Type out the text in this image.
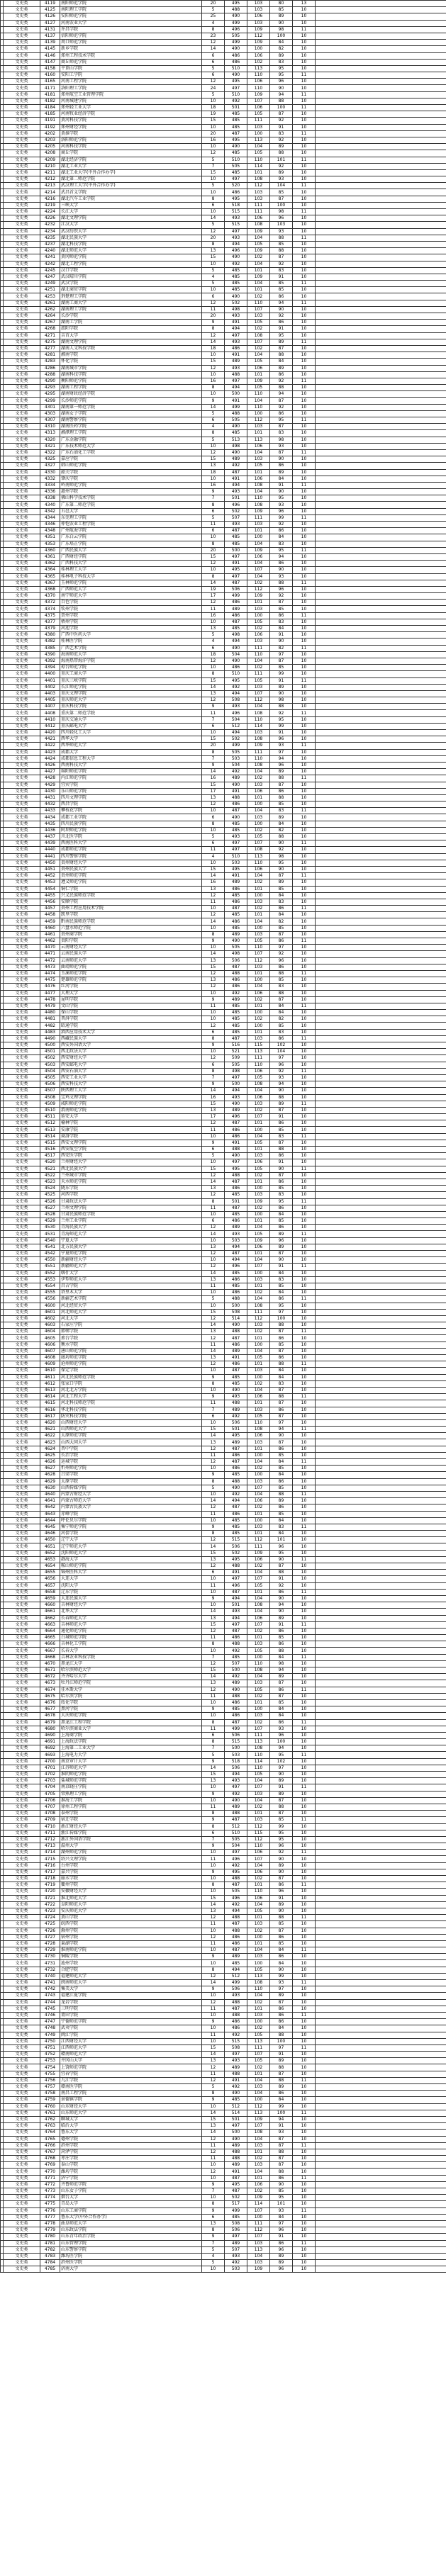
	文史类	4119	南阳师范学院	20	495	103	80	13	
	文史类	4125	南阳理工学院	5	488	103	85	10	
	文史类	4126	安阳师范学院	25	490	106	89	10	
	文史类	4127	河南农业大学	4	499	103	90	10	
	文史类	4131	许昌学院	8	496	109	98	11	
	文史类	4137	信阳师范学院	23	505	112	100	10	
	文史类	4139	周口师范学院	12	499	109	84	10	
	文史类	4145	新乡学院	14	490	100	82	10	
	文史类	4146	郑州工程技术学院	6	486	106	89	10	
	文史类	4147	商丘师范学院	6	486	102	83	10	
	文史类	4158	平顶山学院	5	510	113	95	10	
	文史类	4160	安阳工学院	6	490	110	95	11	
	文史类	4165	河南工程学院	12	495	106	96	10	
	文史类	4171	洛阳理工学院	24	497	110	90	10	
	文史类	4181	郑州航空工业管理学院	5	510	109	94	11	
	文史类	4182	河南城建学院	10	492	107	88	10	
	文史类	4184	郑州轻工业大学	18	501	106	100	11	
	文史类	4185	河南牧业经济学院	19	485	105	87	10	
	文史类	4191	黄河科技学院	15	485	111	92	10	
	文史类	4192	郑州财经学院	10	485	103	91	10	
	文史类	4202	黄淮学院	20	487	100	83	11	
	文史类	4203	洛阳师范学院	16	495	113	92	10	
	文史类	4205	河南科技学院	10	490	104	89	10	
	文史类	4208	商丘学院	12	485	105	88	10	
	文史类	4209	湖北经济学院	5	510	110	101	11	
	文史类	4210	湖北工业大学	7	505	114	92	10	
	文史类	4211	湖北工业大学(中外合作办学)	15	485	101	89	10	
	文史类	4212	湖北第二师范学院	10	497	108	93	10	
	文史类	4213	武汉理工大学(中外合作办学)	5	520	112	104	11	
	文史类	4214	武昌首义学院	10	486	103	85	10	
	文史类	4216	湖北汽车工业学院	8	495	103	87	10	
	文史类	4219	三峡大学	6	518	111	100	10	
	文史类	4224	长江大学	10	515	111	98	11	
	文史类	4226	湖北文理学院	14	493	106	96	10	
	文史类	4232	江汉大学	5	515	108	103	10	
	文史类	4234	武汉纺织大学	12	497	109	93	10	
	文史类	4235	湖北民族大学	20	493	104	88	11	
	文史类	4237	湖北科技学院	8	494	105	85	10	
	文史类	4240	湖北师范大学	13	496	109	88	10	
	文史类	4241	黄冈师范学院	15	490	102	87	10	
	文史类	4242	湖北工程学院	10	492	104	92	10	
	文史类	4245	汉口学院	5	485	101	83	10	
	文史类	4247	武汉晴川学院	4	485	109	91	10	
	文史类	4249	武汉学院	5	485	104	85	11	
	文史类	4251	湖北商贸学院	10	485	101	85	10	
	文史类	4253	荆楚理工学院	6	490	102	86	10	
	文史类	4261	湖南工商大学	12	502	110	94	11	
	文史类	4262	湖南理工学院	11	498	107	90	10	
	文史类	4264	长沙学院	20	493	103	92	10	
	文史类	4267	湖南工学院	9	491	105	86	10	
	文史类	4268	邵阳学院	8	494	102	91	10	
	文史类	4271	吉首大学	12	497	108	95	10	
	文史类	4275	湖南文理学院	14	493	107	89	11	
	文史类	4277	湖南人文科技学院	18	486	102	87	10	
	文史类	4281	湘南学院	10	491	104	88	10	
	文史类	4283	怀化学院	15	489	105	84	10	
	文史类	4286	湖南城市学院	12	493	106	89	10	
	文史类	4288	湖南科技学院	10	488	101	86	10	
	文史类	4290	衡阳师范学院	16	497	109	92	11	
	文史类	4293	湖南工程学院	8	494	105	88	10	
	文史类	4295	湖南财政经济学院	10	500	110	94	10	
	文史类	4299	长沙师范学院	9	491	104	87	10	
	文史类	4301	湖南第一师范学院	14	499	110	92	10	
	文史类	4303	湖南女子学院	5	488	100	86	10	
	文史类	4307	湖南警察学院	6	505	112	95	11	
	文史类	4310	湖南医药学院	4	490	103	87	10	
	文史类	4313	湘潭理工学院	8	485	101	83	10	
	文史类	4320	广东金融学院	5	513	113	98	10	
	文史类	4321	广东技术师范大学	10	498	106	93	10	
	文史类	4322	广东石油化工学院	12	490	104	87	11	
	文史类	4325	嘉应学院	15	489	103	90	10	
	文史类	4327	韩山师范学院	13	492	105	86	10	
	文史类	4330	韶关学院	18	487	101	89	10	
	文史类	4332	肇庆学院	10	491	106	84	10	
	文史类	4334	岭南师范学院	16	494	108	91	11	
	文史类	4336	惠州学院	9	493	104	90	10	
	文史类	4338	佛山科学技术学院	7	501	110	95	10	
	文史类	4340	广东第二师范学院	8	496	108	93	10	
	文史类	4342	五邑大学	6	502	109	96	10	
	文史类	4344	东莞理工学院	5	507	111	99	11	
	文史类	4346	仲恺农业工程学院	11	493	103	92	10	
	文史类	4348	广州航海学院	6	487	101	86	10	
	文史类	4351	广东白云学院	10	485	100	84	10	
	文史类	4353	广东培正学院	8	485	104	83	10	
	文史类	4360	广西民族大学	20	500	109	95	11	
	文史类	4361	广西财经学院	15	497	106	94	10	
	文史类	4362	广西科技大学	12	491	104	86	10	
	文史类	4364	桂林理工大学	10	495	107	90	10	
	文史类	4365	桂林电子科技大学	8	497	104	93	10	
	文史类	4367	玉林师范学院	14	487	102	88	11	
	文史类	4368	广西师范大学	19	506	112	96	10	
	文史类	4370	南宁师范大学	17	499	109	92	10	
	文史类	4372	百色学院	12	486	101	87	10	
	文史类	4374	钦州学院	11	489	103	85	10	
	文史类	4375	贺州学院	16	486	100	86	11	
	文史类	4377	梧州学院	10	487	105	83	10	
	文史类	4379	河池学院	13	485	102	84	10	
	文史类	4380	广西中医药大学	5	498	106	91	10	
	文史类	4382	桂林医学院	4	494	103	90	10	
	文史类	4385	广西艺术学院	6	490	111	82	11	
	文史类	4390	海南师范大学	18	504	110	97	10	
	文史类	4392	海南热带海洋学院	12	490	104	87	10	
	文史类	4394	琼台师范学院	10	486	102	85	10	
	文史类	4400	重庆工商大学	8	510	111	99	10	
	文史类	4401	重庆三峡学院	15	495	105	91	11	
	文史类	4402	长江师范学院	14	492	103	89	10	
	文史类	4403	重庆文理学院	13	494	107	90	10	
	文史类	4405	重庆师范大学	12	508	112	98	10	
	文史类	4407	重庆科技学院	9	493	104	88	10	
	文史类	4408	重庆第二师范学院	11	496	108	92	11	
	文史类	4410	重庆交通大学	7	504	110	95	10	
	文史类	4412	重庆邮电大学	6	512	114	99	10	
	文史类	4420	四川轻化工大学	10	494	103	91	10	
	文史类	4421	西华大学	15	502	108	96	10	
	文史类	4422	西华师范大学	20	499	109	93	11	
	文史类	4423	成都大学	8	505	111	97	10	
	文史类	4424	成都信息工程大学	7	503	110	94	10	
	文史类	4426	西南科技大学	9	504	108	96	10	
	文史类	4427	绵阳师范学院	14	492	104	89	10	
	文史类	4428	内江师范学院	16	489	102	88	11	
	文史类	4429	宜宾学院	15	490	103	87	10	
	文史类	4430	乐山师范学院	17	491	106	86	10	
	文史类	4431	四川文理学院	13	488	101	88	10	
	文史类	4432	西昌学院	12	486	100	85	10	
	文史类	4433	攀枝花学院	10	487	104	83	11	
	文史类	4434	成都工业学院	6	490	103	89	10	
	文史类	4435	四川民族学院	8	485	100	84	10	
	文史类	4436	阿坝师范学院	10	485	102	82	10	
	文史类	4437	川北医学院	5	493	105	88	10	
	文史类	4439	西南医科大学	6	497	107	90	11	
	文史类	4440	成都师范学院	11	497	108	92	10	
	文史类	4441	四川警察学院	4	510	113	98	10	
	文史类	4450	贵州财经大学	10	503	110	95	10	
	文史类	4451	贵州民族大学	15	495	106	90	10	
	文史类	4452	贵州师范学院	14	491	104	87	11	
	文史类	4453	遵义师范学院	16	489	102	89	10	
	文史类	4454	铜仁学院	13	486	101	85	10	
	文史类	4455	兴义民族师范学院	12	485	100	84	10	
	文史类	4456	安顺学院	11	486	103	83	10	
	文史类	4457	贵州工程应用技术学院	10	487	102	86	11	
	文史类	4458	凯里学院	12	485	101	84	10	
	文史类	4459	黔南民族师范学院	14	486	104	82	10	
	文史类	4460	六盘水师范学院	10	485	100	85	10	
	文史类	4461	贵州商学院	8	489	103	87	10	
	文史类	4462	贵阳学院	9	490	105	86	11	
	文史类	4470	云南财经大学	10	505	110	97	10	
	文史类	4471	云南民族大学	14	498	107	92	10	
	文史类	4472	云南师范大学	13	506	112	96	10	
	文史类	4473	曲靖师范学院	15	487	103	86	10	
	文史类	4474	玉溪师范学院	12	488	101	88	11	
	文史类	4475	楚雄师范学院	13	486	100	85	10	
	文史类	4476	红河学院	12	486	104	83	10	
	文史类	4477	大理大学	10	492	106	88	10	
	文史类	4478	昆明学院	9	489	102	87	10	
	文史类	4479	文山学院	11	485	101	84	11	
	文史类	4480	保山学院	10	485	100	84	10	
	文史类	4481	普洱学院	10	485	102	82	10	
	文史类	4482	昭通学院	12	485	100	85	10	
	文史类	4483	滇西应用技术大学	6	485	101	83	10	
	文史类	4490	西藏民族大学	8	487	103	86	11	
	文史类	4500	西安外国语大学	9	516	115	102	10	
	文史类	4501	西北政法大学	10	521	113	104	10	
	文史类	4502	西安财经大学	12	509	111	97	10	
	文史类	4503	西安邮电大学	6	505	110	96	10	
	文史类	4504	西安石油大学	8	498	106	92	11	
	文史类	4505	西安工业大学	7	497	105	93	10	
	文史类	4506	西安科技大学	9	500	108	94	10	
	文史类	4507	陕西理工大学	14	494	104	90	10	
	文史类	4508	宝鸡文理学院	16	493	106	88	10	
	文史类	4509	咸阳师范学院	15	490	103	89	11	
	文史类	4510	渭南师范学院	13	489	102	87	10	
	文史类	4511	延安大学	17	496	107	91	10	
	文史类	4512	榆林学院	12	487	101	86	10	
	文史类	4513	安康学院	11	486	100	85	10	
	文史类	4514	商洛学院	10	486	104	83	11	
	文史类	4515	西安文理学院	9	491	105	87	10	
	文史类	4516	西安航空学院	6	488	101	88	10	
	文史类	4517	西安医学院	5	490	103	86	10	
	文史类	4520	兰州财经大学	10	497	106	91	10	
	文史类	4521	西北民族大学	15	495	105	90	11	
	文史类	4522	兰州城市学院	12	488	102	87	10	
	文史类	4523	天水师范学院	14	487	101	86	10	
	文史类	4524	陇东学院	13	486	100	85	10	
	文史类	4525	河西学院	12	485	103	83	10	
	文史类	4526	甘肃政法大学	8	501	109	95	11	
	文史类	4527	兰州文理学院	11	487	102	86	10	
	文史类	4528	甘肃民族师范学院	10	485	100	84	10	
	文史类	4529	兰州工业学院	6	486	101	85	10	
	文史类	4530	青海民族大学	12	489	104	86	10	
	文史类	4531	青海师范大学	14	493	105	89	11	
	文史类	4540	宁夏大学	10	503	109	96	10	
	文史类	4541	北方民族大学	13	494	106	89	10	
	文史类	4542	宁夏师范学院	12	487	101	87	10	
	文史类	4550	新疆财经大学	10	494	104	90	10	
	文史类	4551	新疆师范大学	12	496	107	91	11	
	文史类	4552	喀什大学	14	485	100	84	10	
	文史类	4553	伊犁师范大学	13	486	103	83	10	
	文史类	4554	昌吉学院	11	485	101	85	10	
	文史类	4555	塔里木大学	10	486	102	84	10	
	文史类	4556	新疆艺术学院	5	488	104	86	11	
	文史类	4600	河北经贸大学	10	500	108	95	10	
	文史类	4601	河北师范大学	15	508	111	97	10	
	文史类	4602	河北大学	12	514	112	100	10	
	文史类	4603	石家庄学院	14	490	103	88	10	
	文史类	4604	邯郸学院	13	488	102	87	11	
	文史类	4605	邢台学院	12	487	101	86	10	
	文史类	4606	衡水学院	11	486	100	85	10	
	文史类	4607	唐山师范学院	14	489	104	87	10	
	文史类	4608	廊坊师范学院	13	491	105	86	10	
	文史类	4609	沧州师范学院	12	486	101	88	11	
	文史类	4610	保定学院	10	487	103	84	10	
	文史类	4611	河北民族师范学院	9	485	100	84	10	
	文史类	4612	张家口学院	8	485	102	83	10	
	文史类	4613	河北北方学院	10	490	104	87	10	
	文史类	4614	河北工程大学	9	493	106	88	11	
	文史类	4615	河北科技师范学院	11	488	101	87	10	
	文史类	4616	华北科技学院	7	489	103	86	10	
	文史类	4617	防灾科技学院	6	492	105	87	10	
	文史类	4620	山西财经大学	10	506	110	97	10	
	文史类	4621	山西师范大学	15	501	108	94	11	
	文史类	4622	太原师范学院	14	495	106	90	10	
	文史类	4623	山西大同大学	13	489	103	87	10	
	文史类	4624	晋中学院	12	487	101	86	10	
	文史类	4625	长治学院	11	486	100	85	10	
	文史类	4626	运城学院	12	487	104	84	11	
	文史类	4627	忻州师范学院	10	486	102	85	10	
	文史类	4628	吕梁学院	9	485	100	84	10	
	文史类	4629	太原学院	8	488	103	86	10	
	文史类	4630	山西传媒学院	5	490	107	85	10	
	文史类	4640	内蒙古财经大学	10	492	104	88	11	
	文史类	4641	内蒙古师范大学	14	494	106	89	10	
	文史类	4642	内蒙古民族大学	12	487	102	86	10	
	文史类	4643	赤峰学院	11	486	101	85	10	
	文史类	4644	呼伦贝尔学院	10	485	100	84	10	
	文史类	4645	集宁师范学院	9	485	103	83	11	
	文史类	4646	河套学院	8	485	101	84	10	
	文史类	4650	辽宁大学	12	515	112	101	10	
	文史类	4651	辽宁师范大学	14	506	111	96	10	
	文史类	4652	沈阳师范大学	15	502	109	95	10	
	文史类	4653	渤海大学	13	495	106	90	11	
	文史类	4654	鞍山师范学院	12	488	102	87	10	
	文史类	4655	锦州医科大学	6	491	104	88	10	
	文史类	4656	大连大学	10	497	107	91	10	
	文史类	4657	沈阳大学	11	496	105	92	10	
	文史类	4658	辽东学院	10	487	101	86	11	
	文史类	4659	大连民族大学	9	494	104	90	10	
	文史类	4660	吉林财经大学	10	501	108	94	10	
	文史类	4661	北华大学	14	493	104	90	10	
	文史类	4662	长春师范大学	13	494	106	89	10	
	文史类	4663	吉林师范大学	15	497	107	91	11	
	文史类	4664	通化师范学院	12	487	102	86	10	
	文史类	4665	白城师范学院	11	486	101	85	10	
	文史类	4666	吉林化工学院	8	488	103	86	10	
	文史类	4667	长春大学	10	492	105	88	10	
	文史类	4668	吉林农业科技学院	7	485	100	84	11	
	文史类	4670	黑龙江大学	12	507	110	98	10	
	文史类	4671	哈尔滨师范大学	15	500	108	94	10	
	文史类	4672	齐齐哈尔大学	14	492	104	89	10	
	文史类	4673	牡丹江师范学院	13	489	103	87	10	
	文史类	4674	佳木斯大学	12	490	105	86	11	
	文史类	4675	哈尔滨学院	11	488	102	87	10	
	文史类	4676	绥化学院	10	486	101	85	10	
	文史类	4677	黑河学院	9	485	100	84	10	
	文史类	4678	大庆师范学院	10	486	103	84	10	
	文史类	4679	黑龙江工程学院	8	487	102	86	11	
	文史类	4680	哈尔滨商业大学	11	499	107	93	10	
	文史类	4690	上海商学院	6	506	111	96	10	
	文史类	4691	上海政法学院	8	515	113	100	10	
	文史类	4692	上海第二工业大学	7	500	108	94	10	
	文史类	4693	上海电力大学	5	503	110	95	11	
	文史类	4700	南京审计大学	9	518	114	102	10	
	文史类	4701	江苏师范大学	14	506	110	97	10	
	文史类	4702	淮阴师范学院	15	494	105	90	10	
	文史类	4703	盐城师范学院	13	493	104	89	10	
	文史类	4704	南京晓庄学院	10	497	107	91	11	
	文史类	4705	常熟理工学院	9	492	103	89	10	
	文史类	4706	淮海工学院	10	490	104	87	10	
	文史类	4707	徐州工程学院	11	489	102	88	10	
	文史类	4708	泰州学院	8	488	101	87	10	
	文史类	4709	宿迁学院	9	487	103	85	11	
	文史类	4710	浙江财经大学	8	512	112	99	10	
	文史类	4711	浙江传媒学院	6	510	115	95	10	
	文史类	4712	浙江外国语学院	7	505	112	95	10	
	文史类	4713	温州大学	9	504	110	96	10	
	文史类	4714	湖州师范学院	10	497	106	92	11	
	文史类	4715	绍兴文理学院	11	496	107	90	10	
	文史类	4716	台州学院	10	492	104	89	10	
	文史类	4717	嘉兴学院	9	495	106	90	10	
	文史类	4718	丽水学院	10	488	102	87	10	
	文史类	4719	衢州学院	8	487	101	86	11	
	文史类	4720	安徽财经大学	10	505	110	96	10	
	文史类	4721	淮北师范大学	15	496	106	91	10	
	文史类	4722	阜阳师范大学	14	492	104	89	10	
	文史类	4723	安庆师范大学	13	494	105	90	10	
	文史类	4724	黄山学院	12	488	101	88	11	
	文史类	4725	皖西学院	11	487	103	85	10	
	文史类	4726	滁州学院	10	488	102	87	10	
	文史类	4727	宿州学院	12	486	100	86	10	
	文史类	4728	巢湖学院	11	486	101	85	10	
	文史类	4729	淮南师范学院	10	487	104	84	11	
	文史类	4730	铜陵学院	9	489	103	86	10	
	文史类	4731	池州学院	10	485	100	84	10	
	文史类	4732	合肥学院	8	494	105	90	10	
	文史类	4740	福建师范大学	12	512	113	99	10	
	文史类	4741	闽南师范大学	14	499	108	93	11	
	文史类	4742	集美大学	9	506	110	97	10	
	文史类	4743	福建江夏学院	10	493	104	89	10	
	文史类	4744	龙岩学院	12	488	102	87	10	
	文史类	4745	三明学院	11	487	101	86	10	
	文史类	4746	莆田学院	10	488	103	86	11	
	文史类	4747	宁德师范学院	9	486	100	86	10	
	文史类	4748	武夷学院	10	486	102	84	10	
	文史类	4749	闽江学院	11	492	105	88	10	
	文史类	4750	江西财经大学	10	515	113	100	10	
	文史类	4751	江西师范大学	15	508	111	97	11	
	文史类	4752	赣南师范大学	14	497	107	91	10	
	文史类	4753	井冈山大学	13	493	105	89	10	
	文史类	4754	上饶师范学院	12	489	102	88	10	
	文史类	4755	宜春学院	11	488	101	87	10	
	文史类	4756	九江学院	12	491	104	88	11	
	文史类	4757	赣南医学院	5	492	103	89	10	
	文史类	4758	南昌工程学院	8	490	104	86	10	
	文史类	4759	景德镇学院	9	485	100	84	10	
	文史类	4760	山东财经大学	10	512	112	99	10	
	文史类	4761	山东师范大学	14	514	113	100	11	
	文史类	4762	聊城大学	15	501	109	94	10	
	文史类	4763	临沂大学	13	497	107	91	10	
	文史类	4764	鲁东大学	14	500	108	93	10	
	文史类	4765	德州学院	12	490	104	87	10	
	文史类	4766	滨州学院	11	489	103	87	11	
	文史类	4767	菏泽学院	12	488	101	88	10	
	文史类	4768	枣庄学院	11	488	102	87	10	
	文史类	4769	泰山学院	10	489	103	87	10	
	文史类	4770	潍坊学院	12	491	104	88	10	
	文史类	4771	济宁学院	10	487	101	86	11	
	文史类	4772	齐鲁师范学院	9	495	106	90	10	
	文史类	4773	山东女子学院	7	487	102	85	10	
	文史类	4774	烟台大学	10	502	109	95	10	
	文史类	4775	青岛大学	8	517	114	101	10	
	文史类	4776	山东工商学院	9	499	107	93	11	
	文史类	4777	鲁东大学(中外合作办学)	6	485	100	84	10	
	文史类	4778	曲阜师范大学	13	508	111	97	10	
	文史类	4779	山东政法学院	8	506	112	96	10	
	文史类	4780	山东青年政治学院	9	497	107	91	10	
	文史类	4781	山东管理学院	7	489	103	86	11	
	文史类	4782	山东警察学院	5	507	113	96	10	
	文史类	4783	潍坊医学院	4	493	104	89	10	
	文史类	4784	滨州医学院	5	492	103	89	10	
	文史类	4785	济南大学	10	503	109	96	10	
